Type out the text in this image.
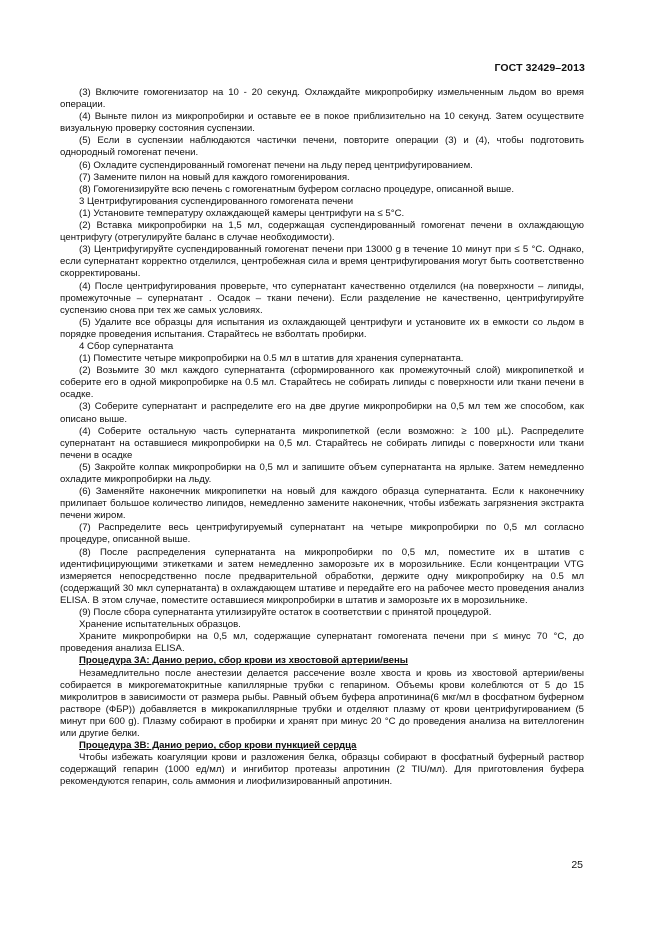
ГОСТ 32429–2013

(3) Включите гомогенизатор на 10 - 20 секунд. Охлаждайте микропробирку измельченным льдом во время операции.

(4) Выньте пилон из микропробирки и оставьте ее в покое приблизительно на 10 секунд. Затем осуществите визуальную проверку состояния суспензии.

(5) Если в суспензии наблюдаются частички печени, повторите операции (3) и (4), чтобы подготовить однородный гомогенат печени.

(6) Охладите суспендированный гомогенат печени на льду перед центрифугированием.

(7) Замените пилон на новый для каждого гомогенирования.

(8) Гомогенизируйте всю печень с гомогенатным буфером согласно процедуре, описанной выше.

3 Центрифугирования суспендированного гомогената печени

(1) Установите температуру охлаждающей камеры центрифуги на ≤ 5°С.

(2) Вставка микропробирки на 1,5 мл, содержащая суспендированный гомогенат печени в охлаждающую центрифугу (отрегулируйте баланс в случае необходимости).

(3) Центрифугируйте суспендированный гомогенат печени при 13000 g в течение 10 минут при ≤ 5 °С. Однако, если супернатант корректно отделился, центробежная сила и время центрифугирования могут быть соответственно скорректированы.

(4) После центрифугирования проверьте, что супернатант качественно отделился (на поверхности – липиды, промежуточные – супернатант . Осадок – ткани печени). Если разделение не качественно, центрифугируйте суспензию снова при тех же самых условиях.

(5) Удалите все образцы для испытания из охлаждающей центрифуги и установите их в емкости со льдом в порядке проведения испытания. Старайтесь не взболтать пробирки.

4 Сбор супернатанта

(1) Поместите четыре микропробирки на 0.5 мл в штатив для хранения супернатанта.

(2) Возьмите 30 мкл каждого супернатанта (сформированного как промежуточный слой) микропипеткой и соберите его в одной микропробирке на 0.5 мл. Старайтесь не собирать липиды с поверхности или ткани печени в осадке.

(3) Соберите супернатант и распределите его на две другие микропробирки на 0,5 мл тем же способом, как описано выше.

(4) Соберите остальную часть супернатанта микропипеткой (если возможно: ≥ 100 µL). Распределите супернатант на оставшиеся микропробирки на 0,5 мл. Старайтесь не собирать липиды с поверхности или ткани печени в осадке

(5) Закройте колпак микропробирки на 0,5 мл и запишите объем супернатанта на ярлыке. Затем немедленно охладите микропробирки на льду.

(6) Заменяйте наконечник микропипетки на новый для каждого образца супернатанта. Если к наконечнику прилипает большое количество липидов, немедленно замените наконечник, чтобы избежать загрязнения экстракта печени жиром.

(7) Распределите весь центрифугируемый супернатант на четыре микропробирки по 0,5 мл согласно процедуре, описанной выше.

(8) После распределения супернатанта на микропробирки по 0,5 мл, поместите их в штатив с идентифицирующими этикетками и затем немедленно заморозьте их в морозильнике. Если концентрации VTG измеряется непосредственно после предварительной обработки, держите одну микропробирку на 0.5 мл (содержащий 30 мкл супернатанта) в охлаждающем штативе и передайте его на рабочее место проведения анализ ELISA. В этом случае, поместите оставшиеся микропробирки в штатив и заморозьте их в морозильнике.

(9) После сбора супернатанта утилизируйте остаток в соответствии с принятой процедурой.

Хранение испытательных образцов.

Храните микропробирки на 0,5 мл, содержащие супернатант гомогената печени при ≤ минус 70 °С, до проведения анализа ELISA.

Процедура 3А: Данио рерио, сбор крови из хвостовой артерии/вены

Незамедлительно после анестезии делается рассечение возле хвоста и кровь из хвостовой артерии/вены собирается в микрогематокритные капиллярные трубки с гепарином. Объемы крови колеблются от 5 до 15 микролитров в зависимости от размера рыбы. Равный объем буфера апротинина(6 мкг/мл в фосфатном буферном растворе (ФБР)) добавляется в микрокапиллярные трубки и отделяют плазму от крови центрифугированием (5 минут при 600 g). Плазму собирают в пробирки и хранят при минус 20 °С до проведения анализа на вителлогенин или другие белки.

Процедура 3В: Данио рерио, сбор крови пункцией сердца

Чтобы избежать коагуляции крови и разложения белка, образцы собирают в фосфатный буферный раствор содержащий гепарин (1000 ед/мл) и ингибитор протеазы апротинин (2 TIU/мл). Для приготовления буфера рекомендуются гепарин, соль аммония и лиофилизированный апротинин.

25
